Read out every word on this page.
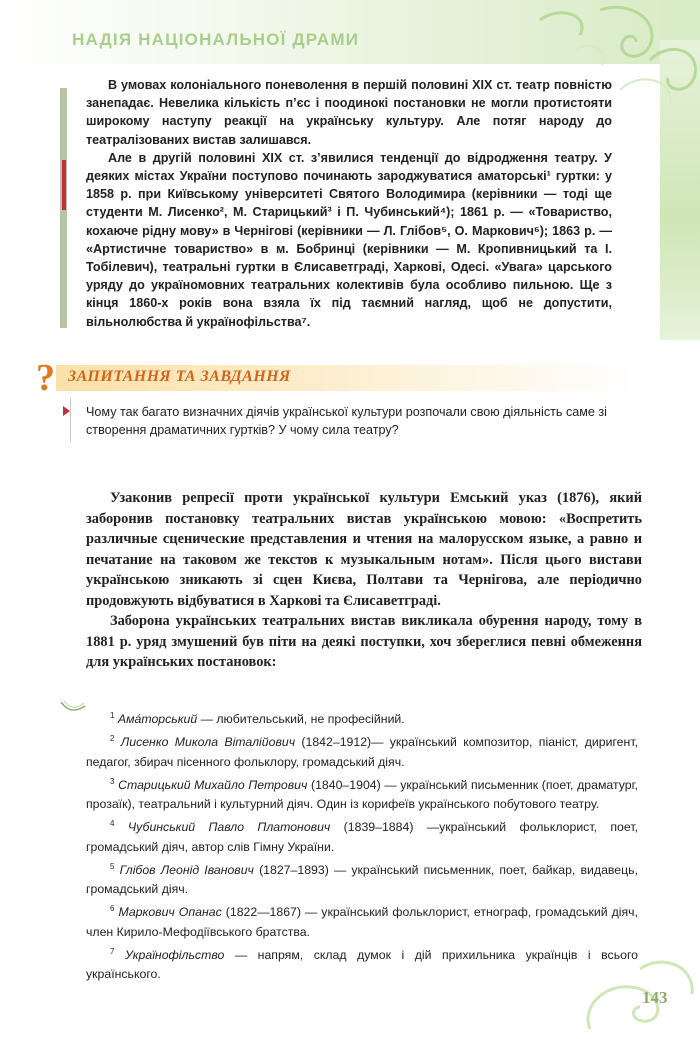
НАДІЯ НАЦІОНАЛЬНОЇ ДРАМИ

В умовах колоніального поневолення в першій половині XIX ст. театр повністю занепадає. Невелика кількість п’єс і поодинокі постановки не могли протистояти широкому наступу реакції на українську культуру. Але потяг народу до театралізованих вистав залишався.

Але в другій половині XIX ст. з’явилися тенденції до відродження театру. У деяких містах України поступово починають зароджуватися аматорські¹ гуртки: у 1858 р. при Київському університеті Святого Володимира (керівники — тоді ще студенти М. Лисенко², М. Старицький³ і П. Чубинський⁴); 1861 р. — «Товариство, кохаюче рідну мову» в Чернігові (керівники — Л. Глібов⁵, О. Маркович⁶); 1863 р. — «Артистичне товариство» в м. Бобринці (керівники — М. Кропивницький та І. Тобілевич), театральні гуртки в Єлисаветграді, Харкові, Одесі. «Увага» царського уряду до україномовних театральних колективів була особливо пильною. Ще з кінця 1860-х років вона взяла їх під таємний нагляд, щоб не допустити, вільнолюбства й українофільства⁷.

? ЗАПИТАННЯ ТА ЗАВДАННЯ
Чому так багато визначних діячів української культури розпочали свою діяльність саме зі створення драматичних гуртків? У чому сила театру?

Узаконив репресії проти української культури Емський указ (1876), який заборонив постановку театральних вистав українською мовою: «Воспретить различные сценические представления и чтения на малорусском языке, а равно и печатание на таковом же текстов к музыкальным нотам». Після цього вистави українською зникають зі сцен Києва, Полтави та Чернігова, але періодично продовжують відбуватися в Харкові та Єлисаветграді.

Заборона українських театральних вистав викликала обурення народу, тому в 1881 р. уряд змушений був піти на деякі поступки, хоч збереглися певні обмеження для українських постановок:

$^1$ Ама́торський — любительський, не професійний.

$^2$ Лисенко Микола Віталійович (1842–1912)— український композитор, піаніст, диригент, педагог, збирач пісенного фольклору, громадський діяч.

$^3$ Старицький Михайло Петрович (1840–1904) — український письменник (поет, драматург, прозаїк), театральний і культурний діяч. Один із корифеїв українського побутового театру.

$^4$ Чубинський Павло Платонович (1839–1884) —український фольклорист, поет, громадський діяч, автор слів Гімну України.

$^5$ Глібов Леонід Іванович (1827–1893) — український письменник, поет, байкар, видавець, громадський діяч.

$^6$ Маркович Опанас (1822—1867) — український фольклорист, етнограф, громадський діяч, член Кирило-Мефодіївського братства.

$^7$ Українофільство — напрям, склад думок і дій прихильника українців і всього українського.

143
